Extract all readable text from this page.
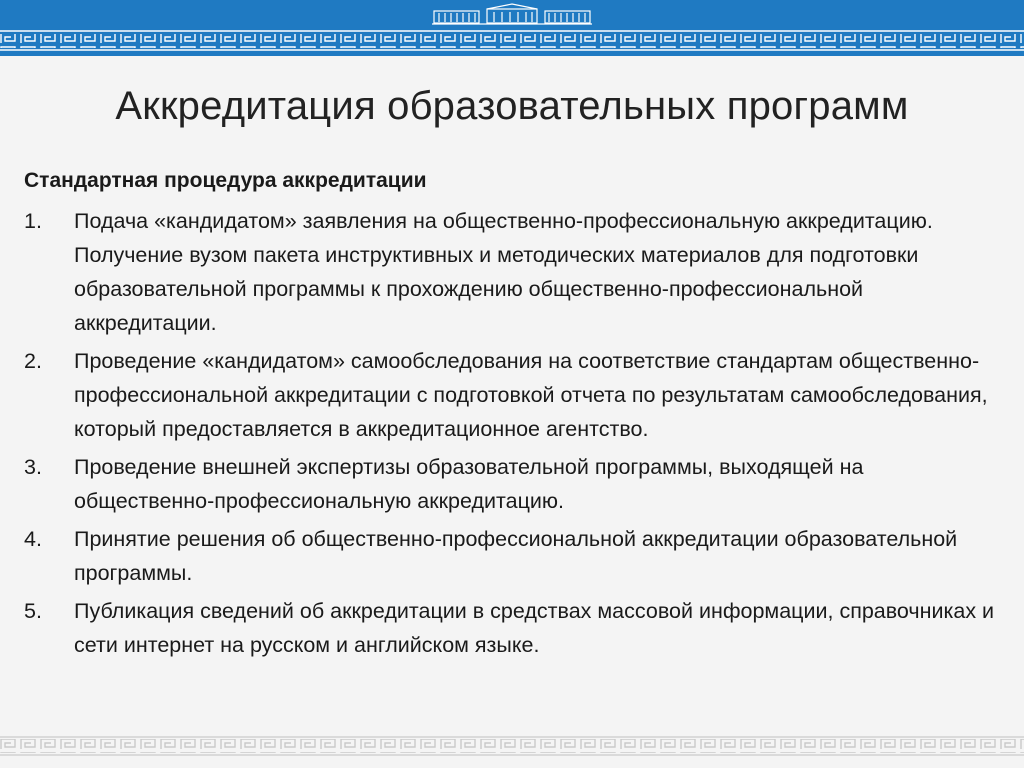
Аккредитация образовательных программ
Стандартная процедура аккредитации
1.	Подача «кандидатом» заявления на общественно-профессиональную аккредитацию. Получение вузом пакета инструктивных и методических материалов для подготовки образовательной программы к прохождению общественно-профессиональной аккредитации.
2.	Проведение «кандидатом» самообследования на соответствие стандартам общественно-профессиональной аккредитации с подготовкой отчета по результатам самообследования, который предоставляется в аккредитационное агентство.
3.	Проведение внешней экспертизы образовательной программы, выходящей на общественно-профессиональную аккредитацию.
4.	Принятие решения об общественно-профессиональной аккредитации образовательной программы.
5.	Публикация сведений об аккредитации в средствах массовой информации, справочниках и сети интернет на русском и английском языке.
